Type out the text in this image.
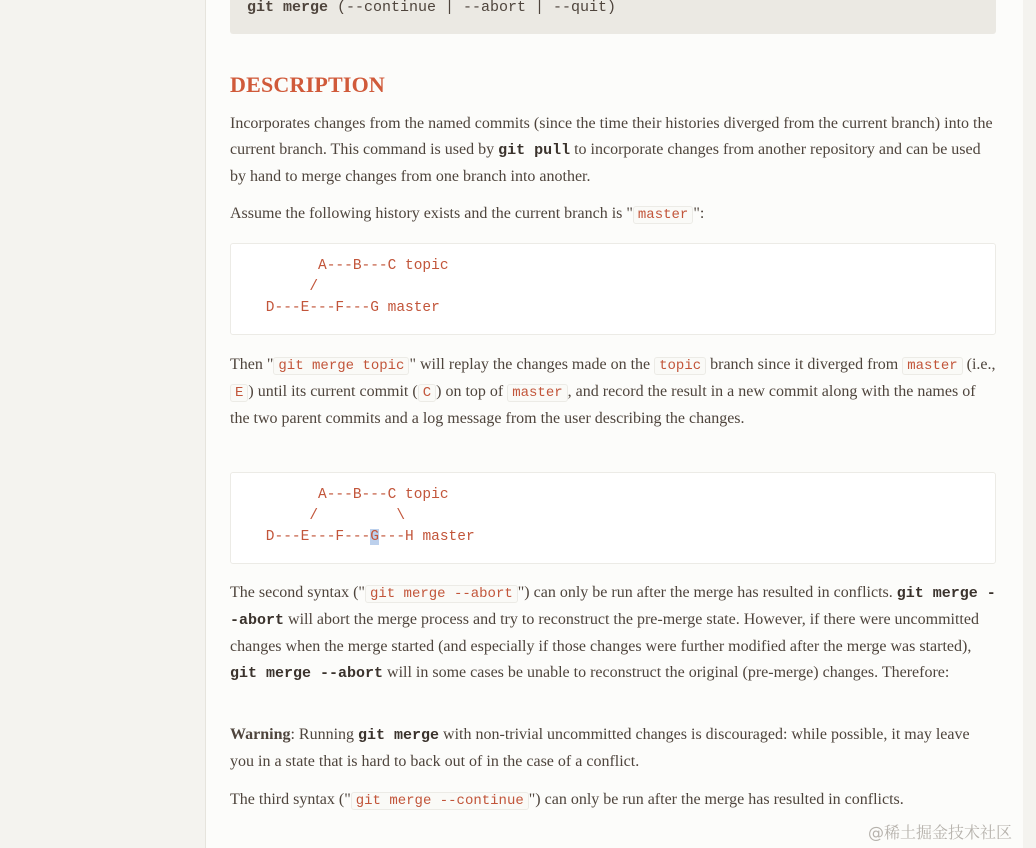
git merge (--continue | --abort | --quit)
DESCRIPTION

Incorporates changes from the named commits (since the time their histories diverged from the current branch) into the current branch. This command is used by git pull to incorporate changes from another repository and can be used by hand to merge changes from one branch into another.

Assume the following history exists and the current branch is " master ":

A---B---C topic
/
D---E---F---G master

Then " git merge topic " will replay the changes made on the topic branch since it diverged from master (i.e., E ) until its current commit ( C ) on top of master , and record the result in a new commit along with the names of the two parent commits and a log message from the user describing the changes.

A---B---C topic
/         \
D---E---F---G---H master

The second syntax (" git merge --abort ") can only be run after the merge has resulted in conflicts. git merge --abort will abort the merge process and try to reconstruct the pre-merge state. However, if there were uncommitted changes when the merge started (and especially if those changes were further modified after the merge was started), git merge --abort will in some cases be unable to reconstruct the original (pre-merge) changes. Therefore:

Warning: Running git merge with non-trivial uncommitted changes is discouraged: while possible, it may leave you in a state that is hard to back out of in the case of a conflict.

The third syntax (" git merge --continue ") can only be run after the merge has resulted in conflicts.

@稀土掘金技术社区
